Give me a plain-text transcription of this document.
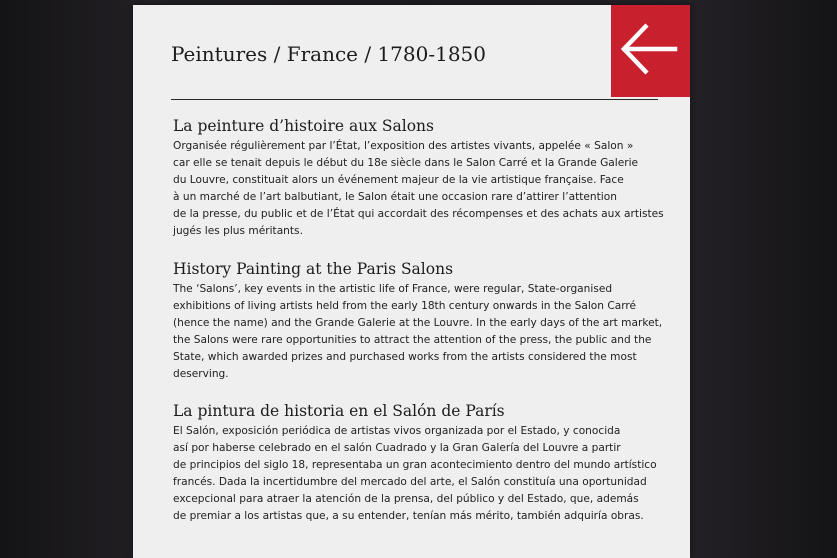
Peintures / France / 1780-1850
La peinture d’histoire aux Salons
Organisée régulièrement par l’État, l’exposition des artistes vivants, appelée « Salon »
car elle se tenait depuis le début du 18e siècle dans le Salon Carré et la Grande Galerie
du Louvre, constituait alors un événement majeur de la vie artistique française. Face
à un marché de l’art balbutiant, le Salon était une occasion rare d’attirer l’attention
de la presse, du public et de l’État qui accordait des récompenses et des achats aux artistes
jugés les plus méritants.
History Painting at the Paris Salons
The ‘Salons’, key events in the artistic life of France, were regular, State-organised
exhibitions of living artists held from the early 18th century onwards in the Salon Carré
(hence the name) and the Grande Galerie at the Louvre. In the early days of the art market,
the Salons were rare opportunities to attract the attention of the press, the public and the
State, which awarded prizes and purchased works from the artists considered the most
deserving.
La pintura de historia en el Salón de París
El Salón, exposición periódica de artistas vivos organizada por el Estado, y conocida
así por haberse celebrado en el salón Cuadrado y la Gran Galería del Louvre a partir
de principios del siglo 18, representaba un gran acontecimiento dentro del mundo artístico
francés. Dada la incertidumbre del mercado del arte, el Salón constituía una oportunidad
excepcional para atraer la atención de la prensa, del público y del Estado, que, además
de premiar a los artistas que, a su entender, tenían más mérito, también adquiría obras.
